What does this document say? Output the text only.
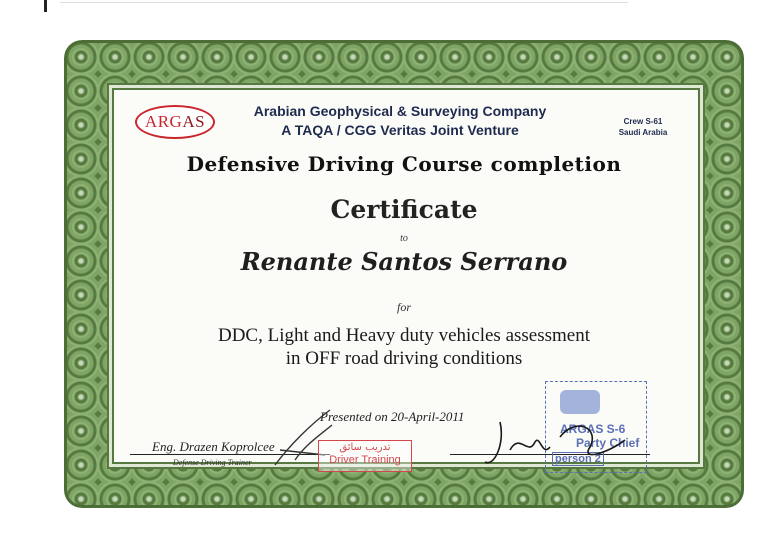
ARGAS
Arabian Geophysical & Surveying Company
A TAQA / CGG Veritas Joint Venture
Crew S-61
Saudi Arabia
Defensive Driving Course completion
Certificate
to
Renante Santos Serrano
for
DDC, Light and Heavy duty vehicles assessment
in OFF road driving conditions
Presented on 20-April-2011
Eng. Drazen Koprolcee
Defense Driving Trainer
تدريب سائق
Driver Training
ARGAS S-6
Party Chief
person 2
